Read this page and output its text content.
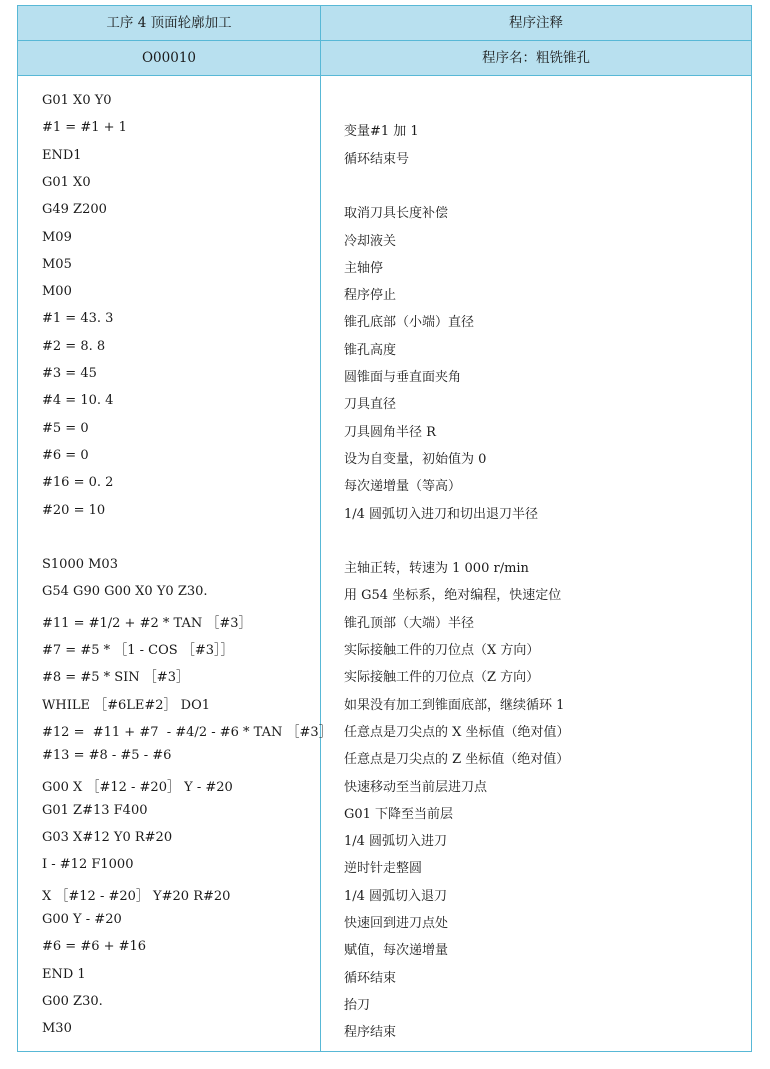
工序 4 顶面轮廓加工	程序注释
O00010	程序名：粗铣锥孔
G01 X0 Y0
#1 = #1 + 1	变量#1 加 1
END1	循环结束号
G01 X0
G49 Z200	取消刀具长度补偿
M09	冷却液关
M05	主轴停
M00	程序停止
#1 = 43. 3	锥孔底部（小端）直径
#2 = 8. 8	锥孔高度
#3 = 45	圆锥面与垂直面夹角
#4 = 10. 4	刀具直径
#5 = 0	刀具圆角半径 R
#6 = 0	设为自变量，初始值为 0
#16 = 0. 2	每次递增量（等高）
#20 = 10	1/4 圆弧切入进刀和切出退刀半径
S1000 M03	主轴正转，转速为 1 000 r/min
G54 G90 G00 X0 Y0 Z30.	用 G54 坐标系，绝对编程，快速定位
#11 = #1/2 + #2 * TAN ［#3］	锥孔顶部（大端）半径
#7 = #5 * ［1 - COS ［#3］］	实际接触工件的刀位点（X 方向）
#8 = #5 * SIN ［#3］	实际接触工件的刀位点（Z 方向）
WHILE ［#6LE#2］ DO1	如果没有加工到锥面底部，继续循环 1
#12 =  #11 + #7  - #4/2 - #6 * TAN ［#3］ 任意点是刀尖点的 X 坐标值（绝对值）
#13 = #8 - #5 - #6	任意点是刀尖点的 Z 坐标值（绝对值）
G00 X ［#12 - #20］ Y - #20	快速移动至当前层进刀点
G01 Z#13 F400	G01 下降至当前层
G03 X#12 Y0 R#20	1/4 圆弧切入进刀
I - #12 F1000	逆时针走整圆
X ［#12 - #20］ Y#20 R#20	1/4 圆弧切入退刀
G00 Y - #20	快速回到进刀点处
#6 = #6 + #16	赋值，每次递增量
END 1	循环结束
G00 Z30.	抬刀
M30	程序结束
